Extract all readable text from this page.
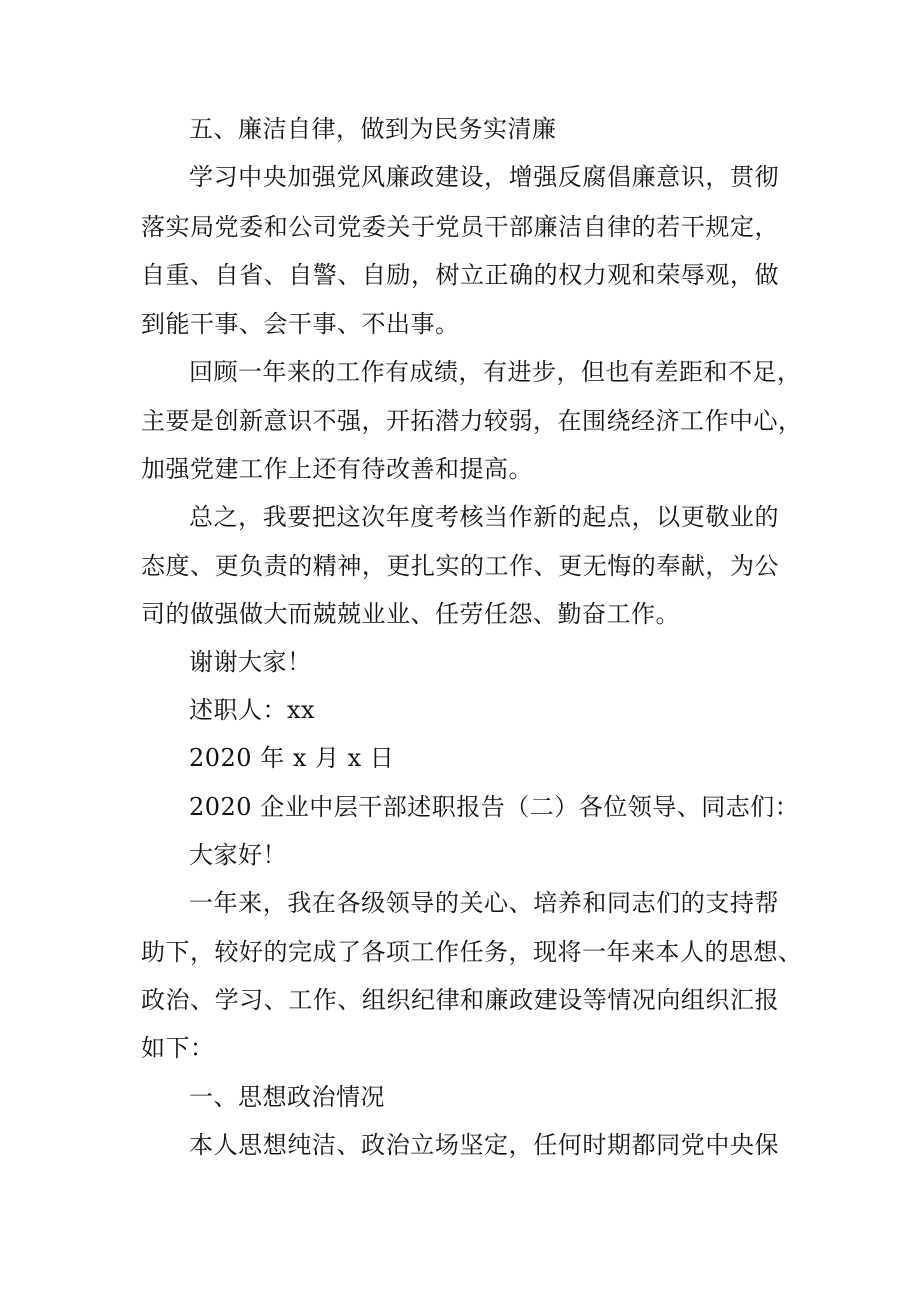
五、廉洁自律，做到为民务实清廉
学习中央加强党风廉政建设，增强反腐倡廉意识，贯彻
落实局党委和公司党委关于党员干部廉洁自律的若干规定，
自重、自省、自警、自励，树立正确的权力观和荣辱观，做
到能干事、会干事、不出事。
回顾一年来的工作有成绩，有进步，但也有差距和不足，
主要是创新意识不强，开拓潜力较弱，在围绕经济工作中心，
加强党建工作上还有待改善和提高。
总之，我要把这次年度考核当作新的起点，以更敬业的
态度、更负责的精神，更扎实的工作、更无悔的奉献，为公
司的做强做大而兢兢业业、任劳任怨、勤奋工作。
谢谢大家！
述职人：xx
2020 年 x 月 x 日
2020 企业中层干部述职报告（二）各位领导、同志们：
大家好！
一年来，我在各级领导的关心、培养和同志们的支持帮
助下，较好的完成了各项工作任务，现将一年来本人的思想、
政治、学习、工作、组织纪律和廉政建设等情况向组织汇报
如下：
一、思想政治情况
本人思想纯洁、政治立场坚定，任何时期都同党中央保
